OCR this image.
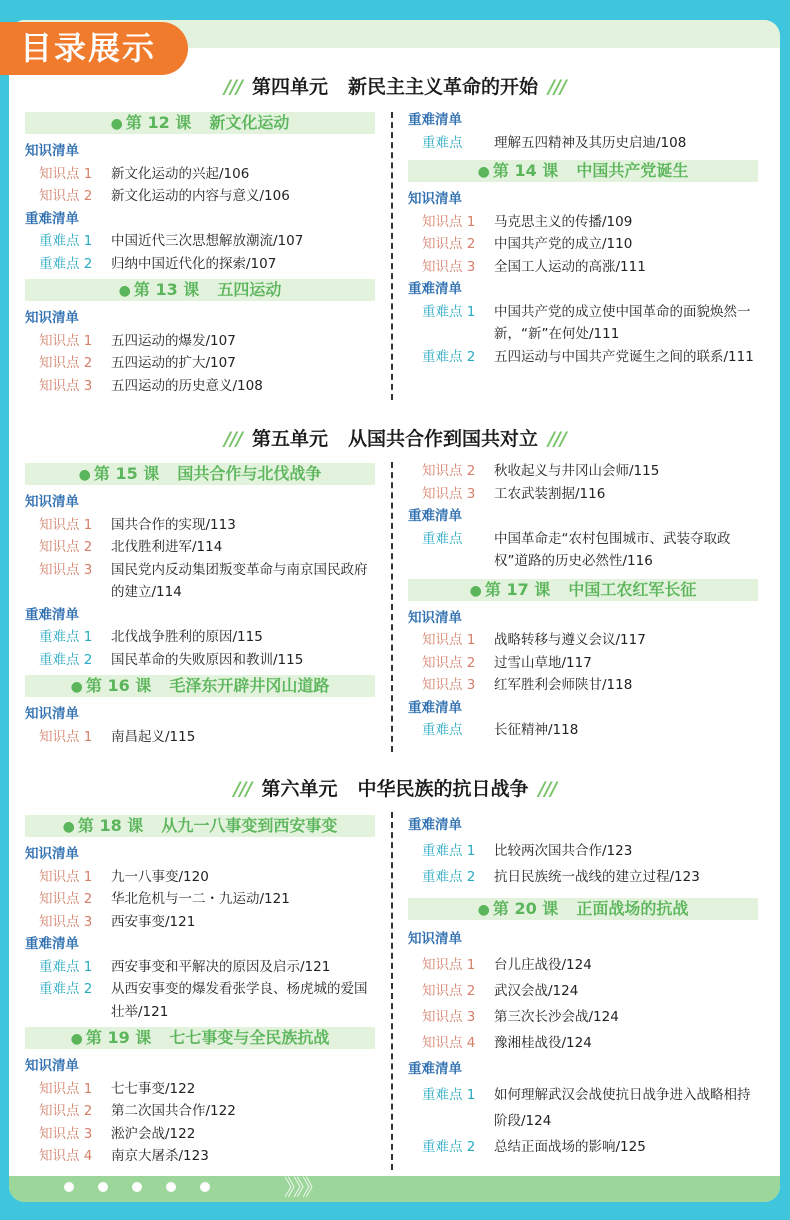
目录展示
/// 第四单元 新民主主义革命的开始 ///
● 第 12 课 新文化运动
知识清单
知识点 1	新文化运动的兴起/106
知识点 2	新文化运动的内容与意义/106
重难清单
重难点 1	中国近代三次思想解放潮流/107
重难点 2	归纳中国近代化的探索/107
● 第 13 课 五四运动
知识清单
知识点 1	五四运动的爆发/107
知识点 2	五四运动的扩大/107
知识点 3	五四运动的历史意义/108
重难清单
重难点	理解五四精神及其历史启迪/108
● 第 14 课 中国共产党诞生
知识清单
知识点 1	马克思主义的传播/109
知识点 2	中国共产党的成立/110
知识点 3	全国工人运动的高涨/111
重难清单
重难点 1	中国共产党的成立使中国革命的面貌焕然一新，“新”在何处/111
重难点 2	五四运动与中国共产党诞生之间的联系/111
/// 第五单元 从国共合作到国共对立 ///
● 第 15 课 国共合作与北伐战争
知识清单
知识点 1	国共合作的实现/113
知识点 2	北伐胜利进军/114
知识点 3	国民党内反动集团叛变革命与南京国民政府的建立/114
重难清单
重难点 1	北伐战争胜利的原因/115
重难点 2	国民革命的失败原因和教训/115
● 第 16 课 毛泽东开辟井冈山道路
知识清单
知识点 1	南昌起义/115
知识点 2	秋收起义与井冈山会师/115
知识点 3	工农武装割据/116
重难清单
重难点	中国革命走“农村包围城市、武装夺取政权”道路的历史必然性/116
● 第 17 课 中国工农红军长征
知识清单
知识点 1	战略转移与遵义会议/117
知识点 2	过雪山草地/117
知识点 3	红军胜利会师陕甘/118
重难清单
重难点	长征精神/118
/// 第六单元 中华民族的抗日战争 ///
● 第 18 课 从九一八事变到西安事变
知识清单
知识点 1	九一八事变/120
知识点 2	华北危机与一二・九运动/121
知识点 3	西安事变/121
重难清单
重难点 1	西安事变和平解决的原因及启示/121
重难点 2	从西安事变的爆发看张学良、杨虎城的爱国壮举/121
● 第 19 课 七七事变与全民族抗战
知识清单
知识点 1	七七事变/122
知识点 2	第二次国共合作/122
知识点 3	淞沪会战/122
知识点 4	南京大屠杀/123
重难清单
重难点 1	比较两次国共合作/123
重难点 2	抗日民族统一战线的建立过程/123
● 第 20 课 正面战场的抗战
知识清单
知识点 1	台儿庄战役/124
知识点 2	武汉会战/124
知识点 3	第三次长沙会战/124
知识点 4	豫湘桂战役/124
重难清单
重难点 1	如何理解武汉会战使抗日战争进入战略相持阶段/124
重难点 2	总结正面战场的影响/125
》》》
